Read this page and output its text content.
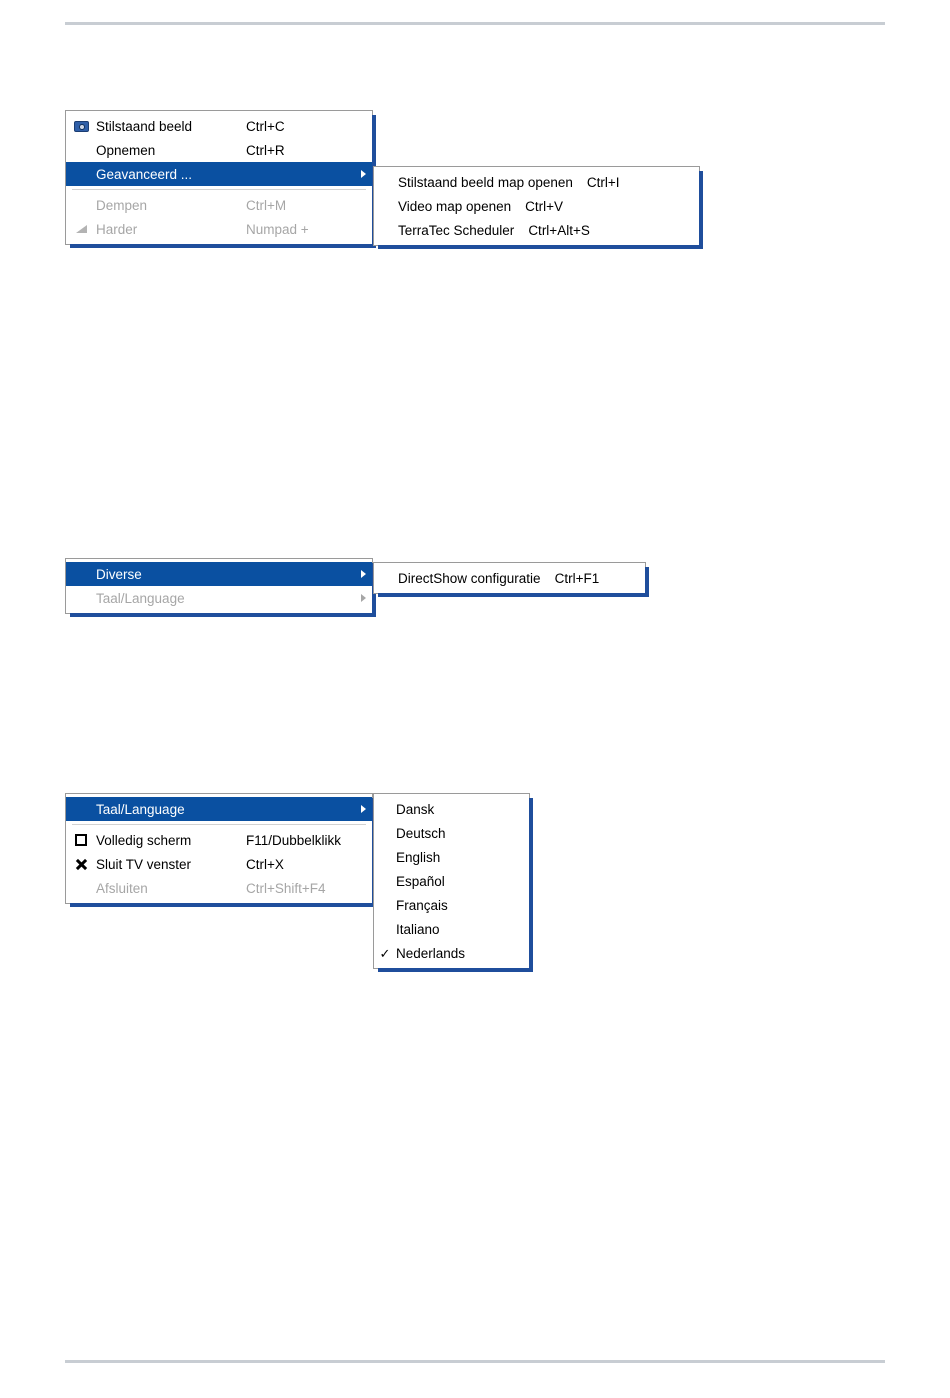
Stilstaand beeld	Ctrl+C
Opnemen	Ctrl+R
Geavanceerd ...
Dempen	Ctrl+M
Harder	Numpad +
Stilstaand beeld map openen	Ctrl+I
Video map openen	Ctrl+V
TerraTec Scheduler	Ctrl+Alt+S
Diverse
Taal/Language
DirectShow configuratie	Ctrl+F1
Taal/Language
Volledig scherm	F11/Dubbelklikk
Sluit TV venster	Ctrl+X
Afsluiten	Ctrl+Shift+F4
Dansk
Deutsch
English
Español
Français
Italiano
✓ Nederlands
